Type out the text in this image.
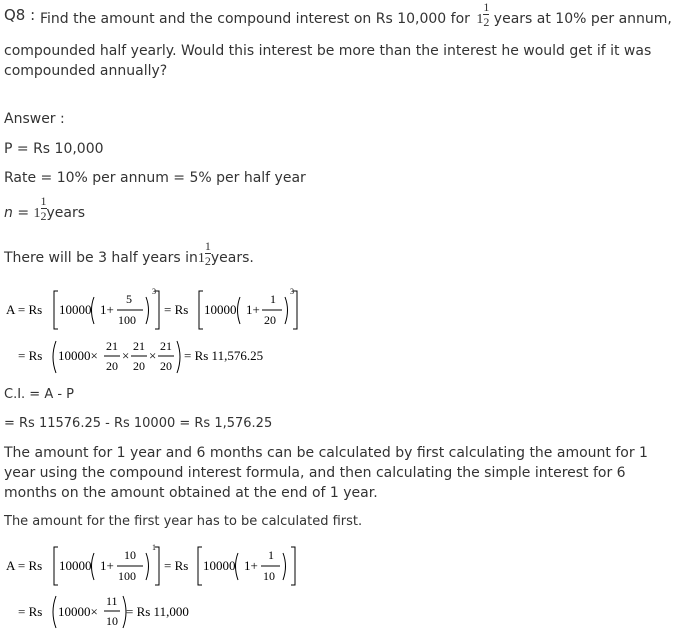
Q8 : Find the amount and the compound interest on Rs 10,000 for $1 \frac{1}{2}$ years at 10% per annum,
compounded half yearly. Would this interest be more than the interest he would get if it was
compounded annually?
Answer :
P = Rs 10,000
Rate = 10% per annum = 5% per half year
$n = 1 \frac{1}{2}$ years
There will be 3 half years $in1 \frac{1}{2}$ years.
A = Rs 10000 1+
5
100
3
= Rs 10000 1+
1
20
3
= Rs 10000×
21
20
×
21
20
×
21
20
= Rs 11,576.25
C.I. = A - P
= Rs 11576.25 - Rs 10000 = Rs 1,576.25
The amount for 1 year and 6 months can be calculated by first calculating the amount for 1 year using the compound interest formula, and then calculating the simple interest for 6 months on the amount obtained at the end of 1 year.
The amount for the first year has to be calculated first.
A = Rs 10000 1+
10
100
1
= Rs 10000 1+
1
10
= Rs 10000×
11
10
= Rs 11,000
